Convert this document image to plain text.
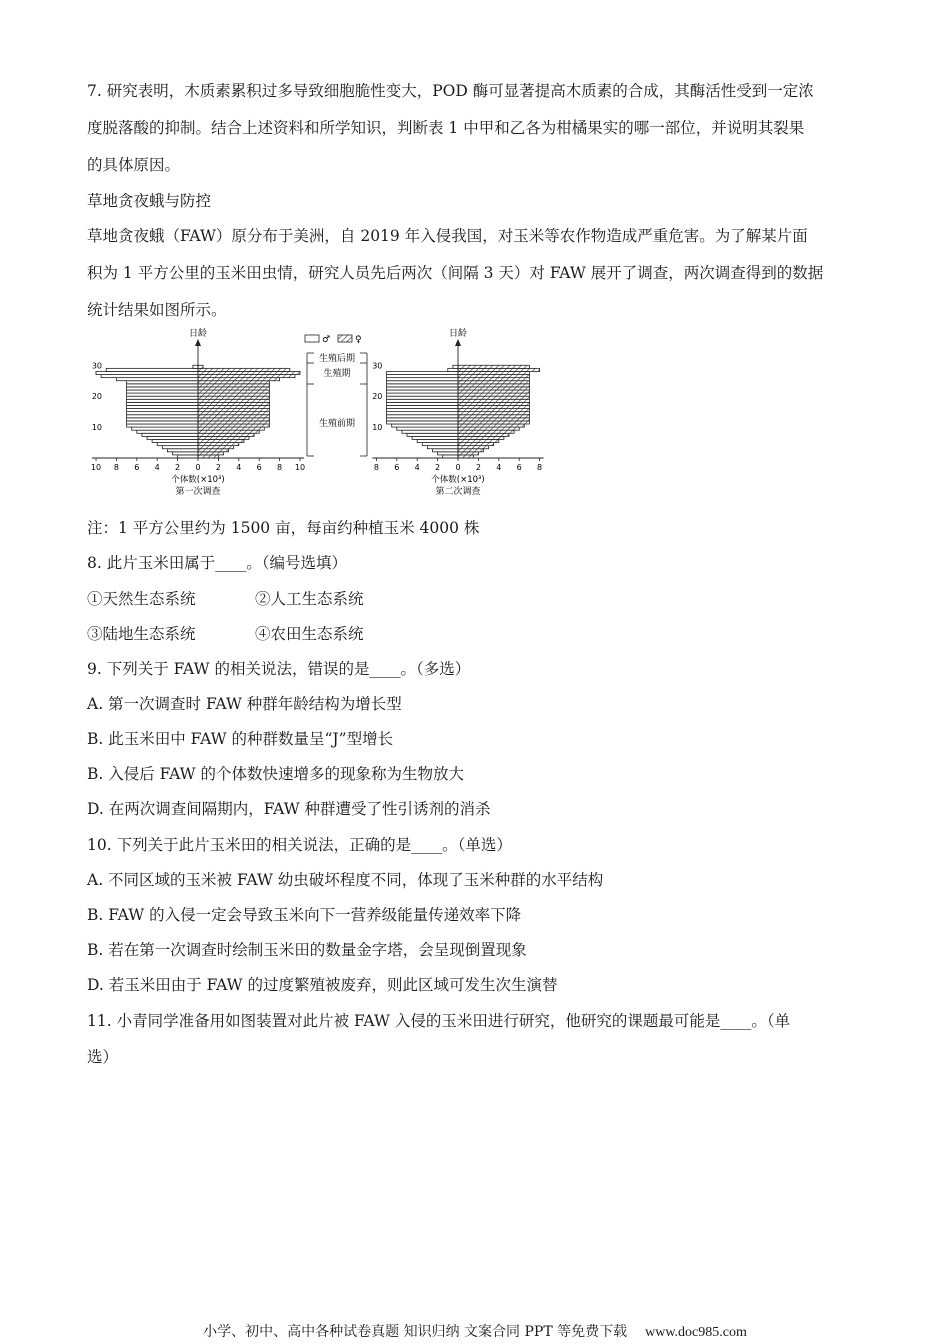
7. 研究表明，木质素累积过多导致细胞脆性变大，POD 酶可显著提高木质素的合成，其酶活性受到一定浓
度脱落酸的抑制。结合上述资料和所学知识，判断表 1 中甲和乙各为柑橘果实的哪一部位，并说明其裂果
的具体原因。
草地贪夜蛾与防控
草地贪夜蛾（FAW）原分布于美洲，自 2019 年入侵我国，对玉米等农作物造成严重危害。为了解某片面
积为 1 平方公里的玉米田虫情，研究人员先后两次（间隔 3 天）对 FAW 展开了调查，两次调查得到的数据
统计结果如图所示。
日龄
10 8 6 4 2 0 2 4 6 8 10
10
20
30
个体数(×10³)
第一次调查
日龄
8 6 4 2 0 2 4 6 8
10
20
30
个体数(×10³)
第二次调查
♂	♀
生殖后期
生殖期
生殖前期
注：1 平方公里约为 1500 亩，每亩约种植玉米 4000 株
8. 此片玉米田属于____。（编号选填）
①天然生态系统	②人工生态系统
③陆地生态系统	④农田生态系统
9. 下列关于 FAW 的相关说法，错误的是____。（多选）
A. 第一次调查时 FAW 种群年龄结构为增长型
B. 此玉米田中 FAW 的种群数量呈“J”型增长
B. 入侵后 FAW 的个体数快速增多的现象称为生物放大
D. 在两次调查间隔期内，FAW 种群遭受了性引诱剂的消杀
10. 下列关于此片玉米田的相关说法，正确的是____。（单选）
A. 不同区域的玉米被 FAW 幼虫破坏程度不同，体现了玉米种群的水平结构
B. FAW 的入侵一定会导致玉米向下一营养级能量传递效率下降
B. 若在第一次调查时绘制玉米田的数量金字塔，会呈现倒置现象
D. 若玉米田由于 FAW 的过度繁殖被废弃，则此区域可发生次生演替
11. 小青同学准备用如图装置对此片被 FAW 入侵的玉米田进行研究，他研究的课题最可能是____。（单
选）
小学、初中、高中各种试卷真题 知识归纳 文案合同 PPT 等免费下载 www.doc985.com
